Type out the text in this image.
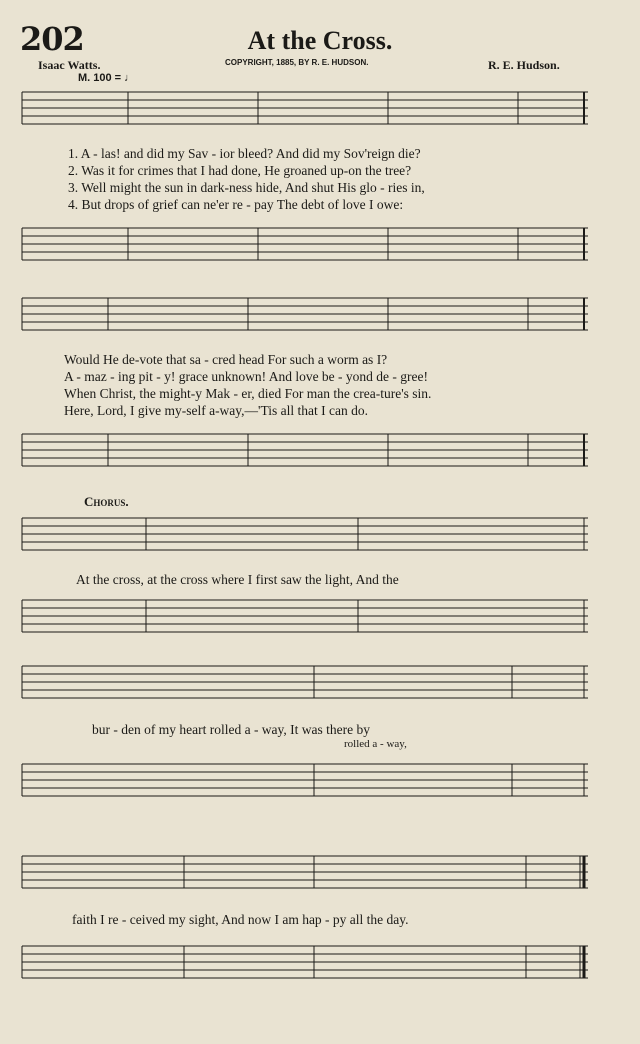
202	At the Cross.
Isaac Watts.	COPYRIGHT, 1885, BY R. E. HUDSON.	R. E. Hudson.
M. 100 = ♩
1. A - las! and did my Sav - ior bleed? And did my Sov'reign die?
2. Was it for crimes that I had done, He groaned up-on the tree?
3. Well might the sun in dark-ness hide, And shut His glo - ries in,
4. But drops of grief can ne'er re - pay The debt of love I owe:
Would He de-vote that sa - cred head For such a worm as I?
A - maz - ing pit - y! grace unknown! And love be - yond de - gree!
When Christ, the might-y Mak - er, died For man the crea-ture's sin.
Here, Lord, I give my-self a-way,—'Tis all that I can do.
Chorus.
At the cross, at the cross where I first saw the light, And the
bur - den of my heart rolled a - way, It was there by
rolled a - way,
faith I re - ceived my sight, And now I am hap - py all the day.
